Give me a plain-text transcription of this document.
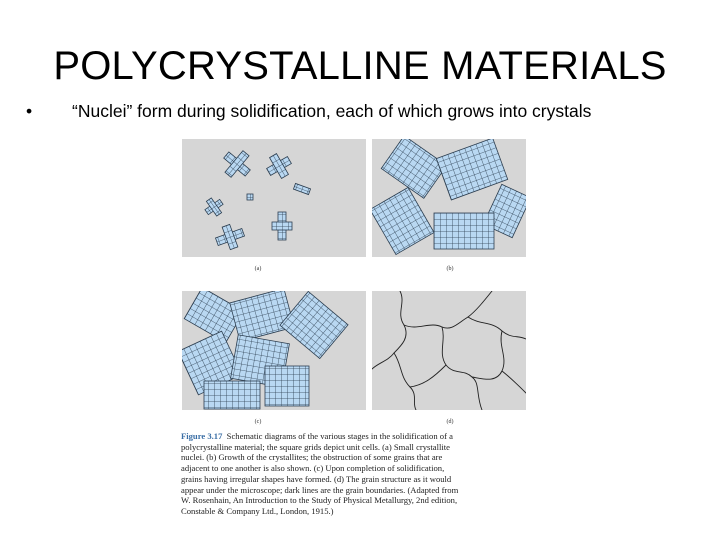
POLYCRYSTALLINE MATERIALS
• “Nuclei” form during solidification, each of which grows into crystals
(a)	(b)
(c)	(d)
Figure 3.17 Schematic diagrams of the various stages in the solidification of a
polycrystalline material; the square grids depict unit cells. (a) Small crystallite
nuclei. (b) Growth of the crystallites; the obstruction of some grains that are
adjacent to one another is also shown. (c) Upon completion of solidification,
grains having irregular shapes have formed. (d) The grain structure as it would
appear under the microscope; dark lines are the grain boundaries. (Adapted from
W. Rosenhain, An Introduction to the Study of Physical Metallurgy, 2nd edition,
Constable & Company Ltd., London, 1915.)
